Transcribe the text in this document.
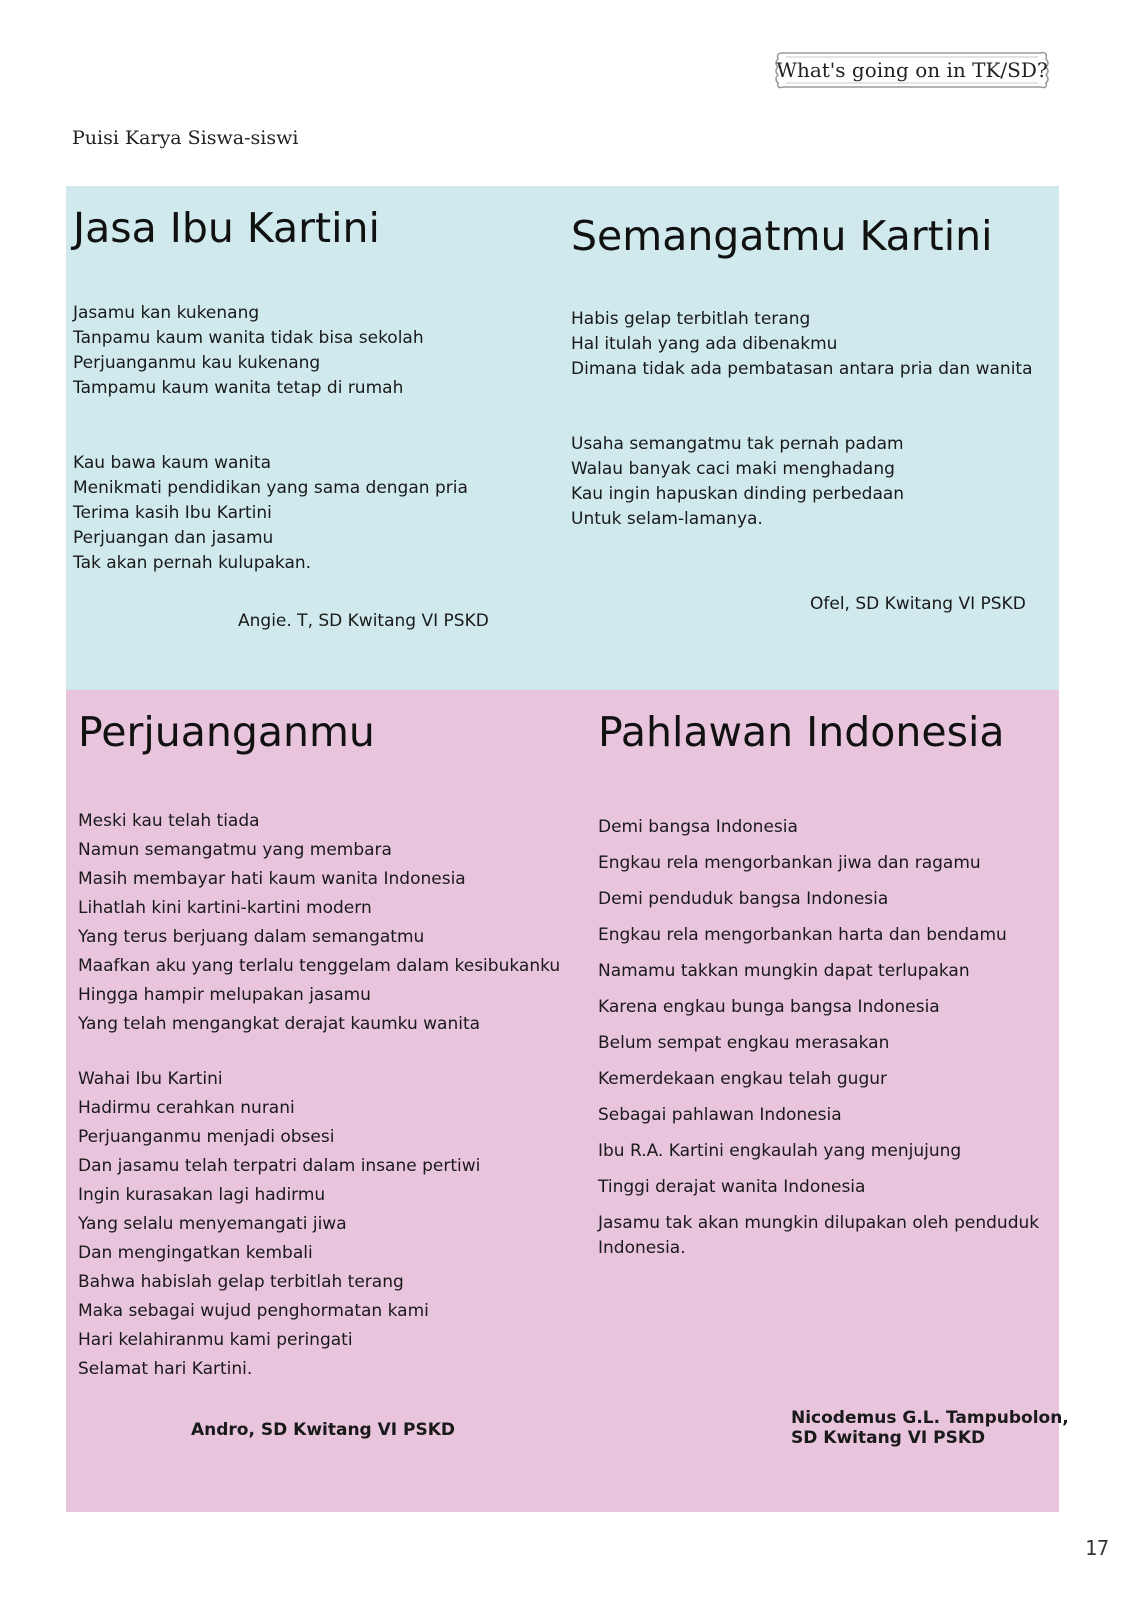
What's going on in TK/SD?
Puisi Karya Siswa-siswi
Jasa Ibu Kartini
Jasamu kan kukenang
Tanpamu kaum wanita tidak bisa sekolah
Perjuanganmu kau kukenang
Tampamu kaum wanita tetap di rumah
Kau bawa kaum wanita
Menikmati pendidikan yang sama dengan pria
Terima kasih Ibu Kartini
Perjuangan dan jasamu
Tak akan pernah kulupakan.
Angie. T, SD Kwitang VI PSKD
Semangatmu Kartini
Habis gelap terbitlah terang
Hal itulah yang ada dibenakmu
Dimana tidak ada pembatasan antara pria dan wanita
Usaha semangatmu tak pernah padam
Walau banyak caci maki menghadang
Kau ingin hapuskan dinding perbedaan
Untuk selam-lamanya.
Ofel, SD Kwitang VI PSKD
Perjuanganmu
Meski kau telah tiada
Namun semangatmu yang membara
Masih membayar hati kaum wanita Indonesia
Lihatlah kini kartini-kartini modern
Yang terus berjuang dalam semangatmu
Maafkan aku yang terlalu tenggelam dalam kesibukanku
Hingga hampir melupakan jasamu
Yang telah mengangkat derajat kaumku wanita
Wahai Ibu Kartini
Hadirmu cerahkan nurani
Perjuanganmu menjadi obsesi
Dan jasamu telah terpatri dalam insane pertiwi
Ingin kurasakan lagi hadirmu
Yang selalu menyemangati jiwa
Dan mengingatkan kembali
Bahwa habislah gelap terbitlah terang
Maka sebagai wujud penghormatan kami
Hari kelahiranmu kami peringati
Selamat hari Kartini.
Andro, SD Kwitang VI PSKD
Pahlawan Indonesia
Demi bangsa Indonesia
Engkau rela mengorbankan jiwa dan ragamu
Demi penduduk bangsa Indonesia
Engkau rela mengorbankan harta dan bendamu
Namamu takkan mungkin dapat terlupakan
Karena engkau bunga bangsa Indonesia
Belum sempat engkau merasakan
Kemerdekaan engkau telah gugur
Sebagai pahlawan Indonesia
Ibu R.A. Kartini engkaulah yang menjujung
Tinggi derajat wanita Indonesia
Jasamu tak akan mungkin dilupakan oleh penduduk
Indonesia.
Nicodemus G.L. Tampubolon,
SD Kwitang VI PSKD
17
